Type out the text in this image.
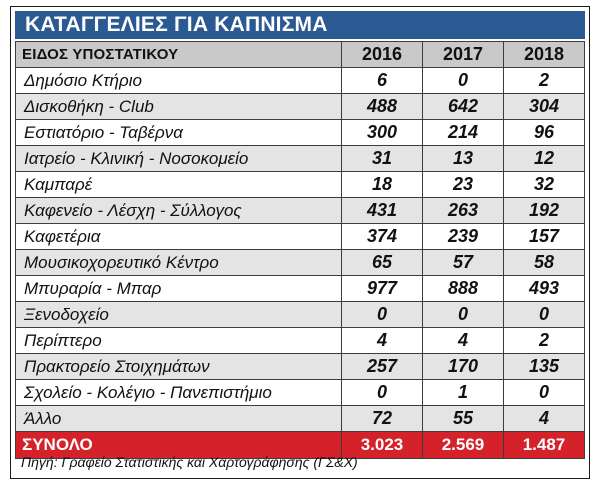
ΚΑΤΑΓΓΕΛΙΕΣ ΓΙΑ ΚΑΠΝΙΣΜΑ
ΕΙΔΟΣ ΥΠΟΣΤΑΤΙΚΟΥ	2016	2017	2018
Δημόσιο Κτήριο	6	0	2
Δισκοθήκη - Club	488	642	304
Εστιατόριο - Ταβέρνα	300	214	96
Ιατρείο - Κλινική - Νοσοκομείο	31	13	12
Καμπαρέ	18	23	32
Καφενείο - Λέσχη - Σύλλογος	431	263	192
Καφετέρια	374	239	157
Μουσικοχορευτικό Κέντρο	65	57	58
Μπυραρία - Μπαρ	977	888	493
Ξενοδοχείο	0	0	0
Περίπτερο	4	4	2
Πρακτορείο Στοιχημάτων	257	170	135
Σχολείο - Κολέγιο - Πανεπιστήμιο	0	1	0
Άλλο	72	55	4
ΣΥΝΟΛΟ	3.023	2.569	1.487
Πηγή: Γραφείο Στατιστικής και Χαρτογράφησης (ΓΣ&Χ)
